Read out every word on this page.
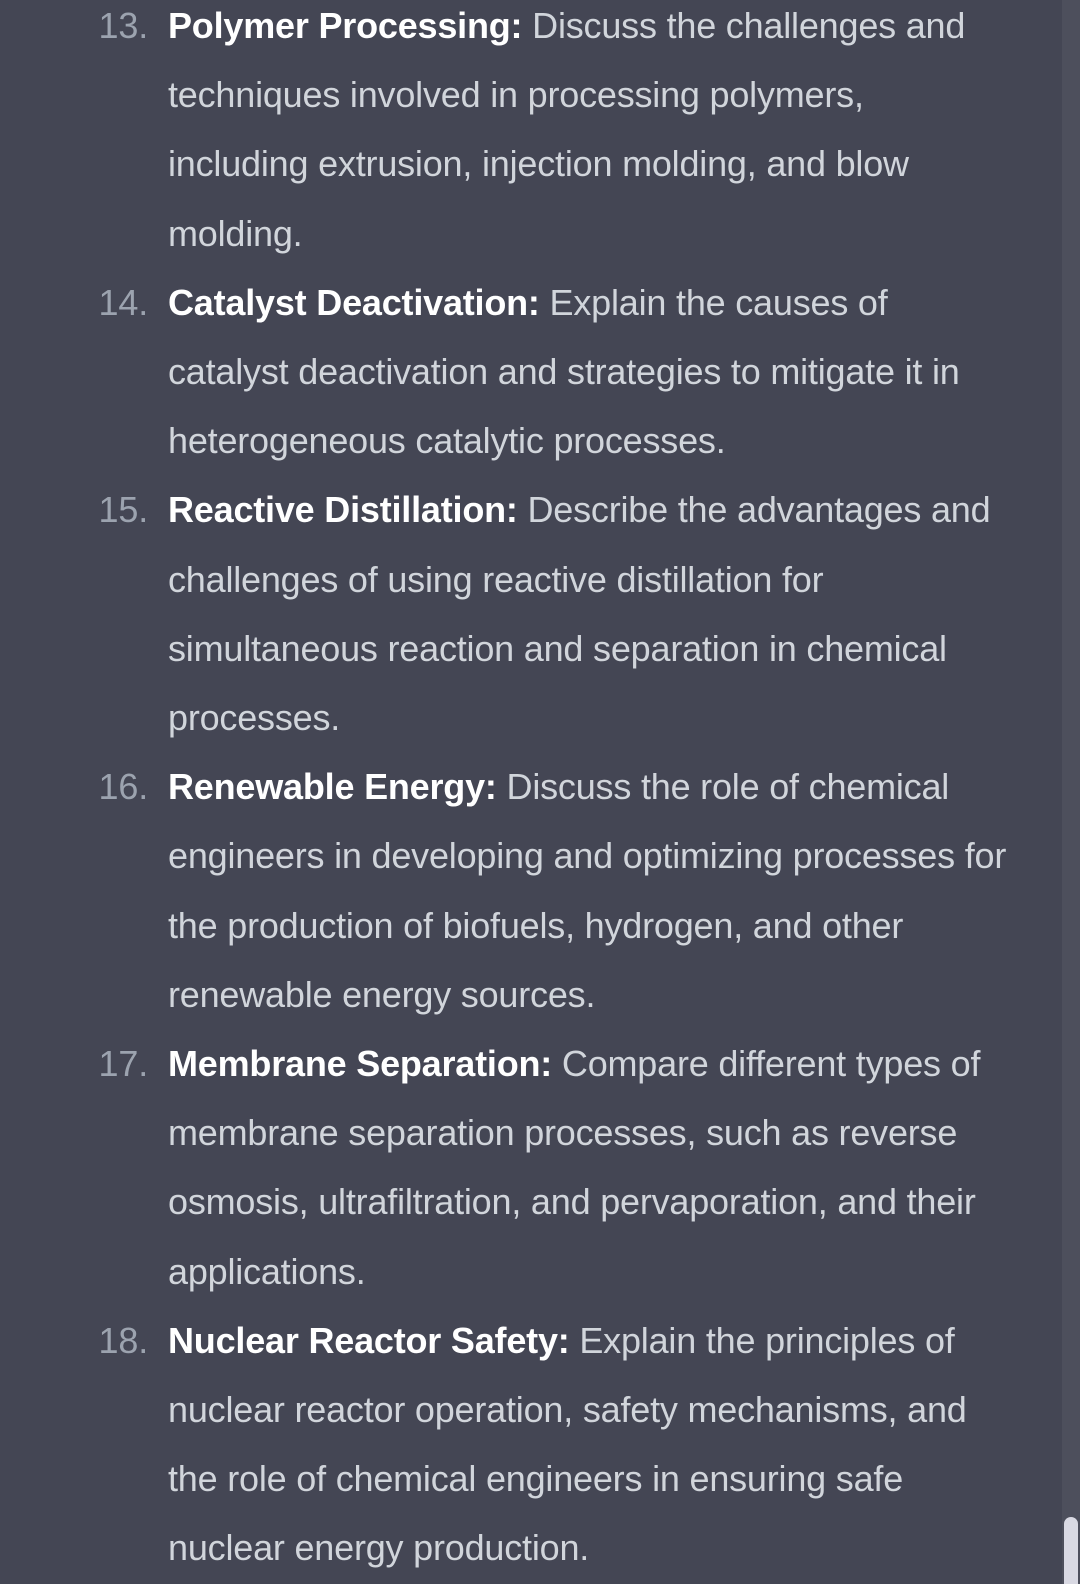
13. Polymer Processing: Discuss the challenges and techniques involved in processing polymers, including extrusion, injection molding, and blow molding.
14. Catalyst Deactivation: Explain the causes of catalyst deactivation and strategies to mitigate it in heterogeneous catalytic processes.
15. Reactive Distillation: Describe the advantages and challenges of using reactive distillation for simultaneous reaction and separation in chemical processes.
16. Renewable Energy: Discuss the role of chemical engineers in developing and optimizing processes for the production of biofuels, hydrogen, and other renewable energy sources.
17. Membrane Separation: Compare different types of membrane separation processes, such as reverse osmosis, ultrafiltration, and pervaporation, and their applications.
18. Nuclear Reactor Safety: Explain the principles of nuclear reactor operation, safety mechanisms, and the role of chemical engineers in ensuring safe nuclear energy production.
